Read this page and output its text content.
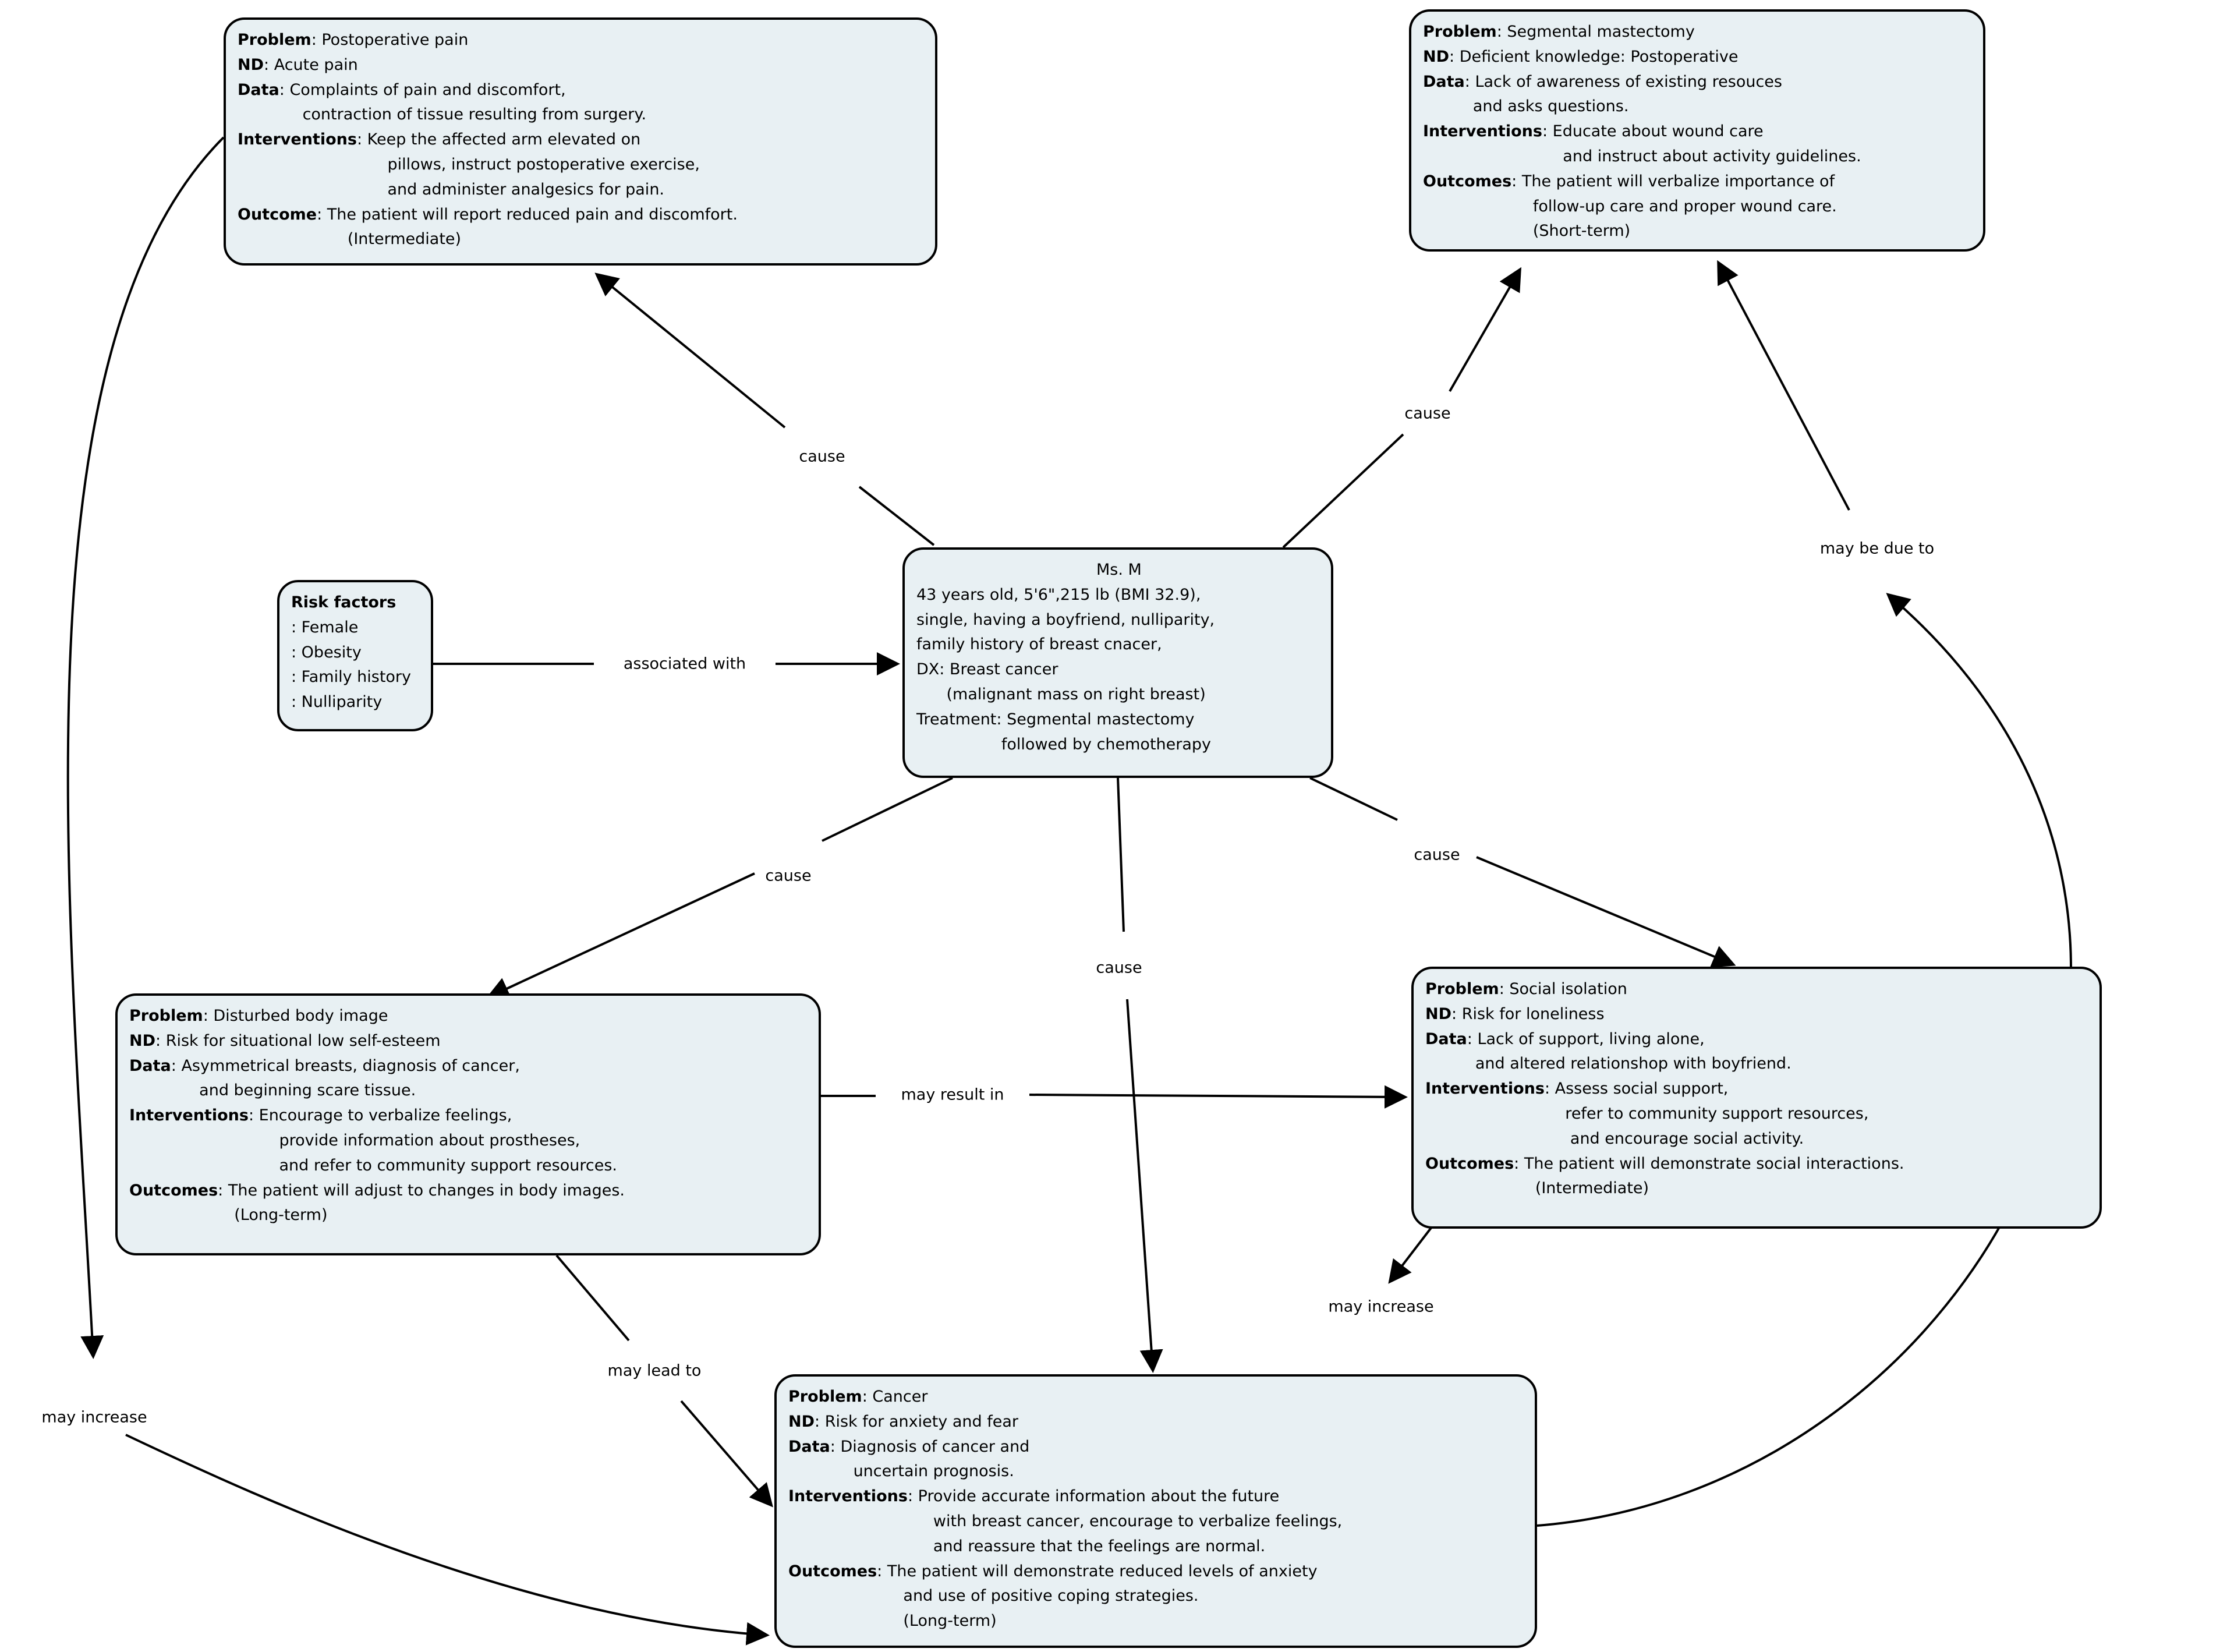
Problem: Postoperative pain
ND: Acute pain
Data: Complaints of pain and discomfort,
contraction of tissue resulting from surgery.
Interventions: Keep the affected arm elevated on
pillows, instruct postoperative exercise,
and administer analgesics for pain.
Outcome: The patient will report reduced pain and discomfort.
(Intermediate)
Problem: Segmental mastectomy
ND: Deficient knowledge: Postoperative
Data: Lack of awareness of existing resouces
and asks questions.
Interventions: Educate about wound care
and instruct about activity guidelines.
Outcomes: The patient will verbalize importance of
follow-up care and proper wound care.
(Short-term)
Ms. M
43 years old, 5'6",215 lb (BMI 32.9),
single, having a boyfriend, nulliparity,
family history of breast cnacer,
DX: Breast cancer
(malignant mass on right breast)
Treatment: Segmental mastectomy
followed by chemotherapy
Risk factors
: Female
: Obesity
: Family history
: Nulliparity
Problem: Disturbed body image
ND: Risk for situational low self-esteem
Data: Asymmetrical breasts, diagnosis of cancer,
and beginning scare tissue.
Interventions: Encourage to verbalize feelings,
provide information about prostheses,
and refer to community support resources.
Outcomes: The patient will adjust to changes in body images.
(Long-term)
Problem: Social isolation
ND: Risk for loneliness
Data: Lack of support, living alone,
and altered relationshop with boyfriend.
Interventions: Assess social support,
refer to community support resources,
and encourage social activity.
Outcomes: The patient will demonstrate social interactions.
(Intermediate)
Problem: Cancer
ND: Risk for anxiety and fear
Data: Diagnosis of cancer and
uncertain prognosis.
Interventions: Provide accurate information about the future
with breast cancer, encourage to verbalize feelings,
and reassure that the feelings are normal.
Outcomes: The patient will demonstrate reduced levels of anxiety
and use of positive coping strategies.
(Long-term)
cause
cause
associated with
cause
cause
cause
may result in
may increase
may lead to
may increase
may be due to
